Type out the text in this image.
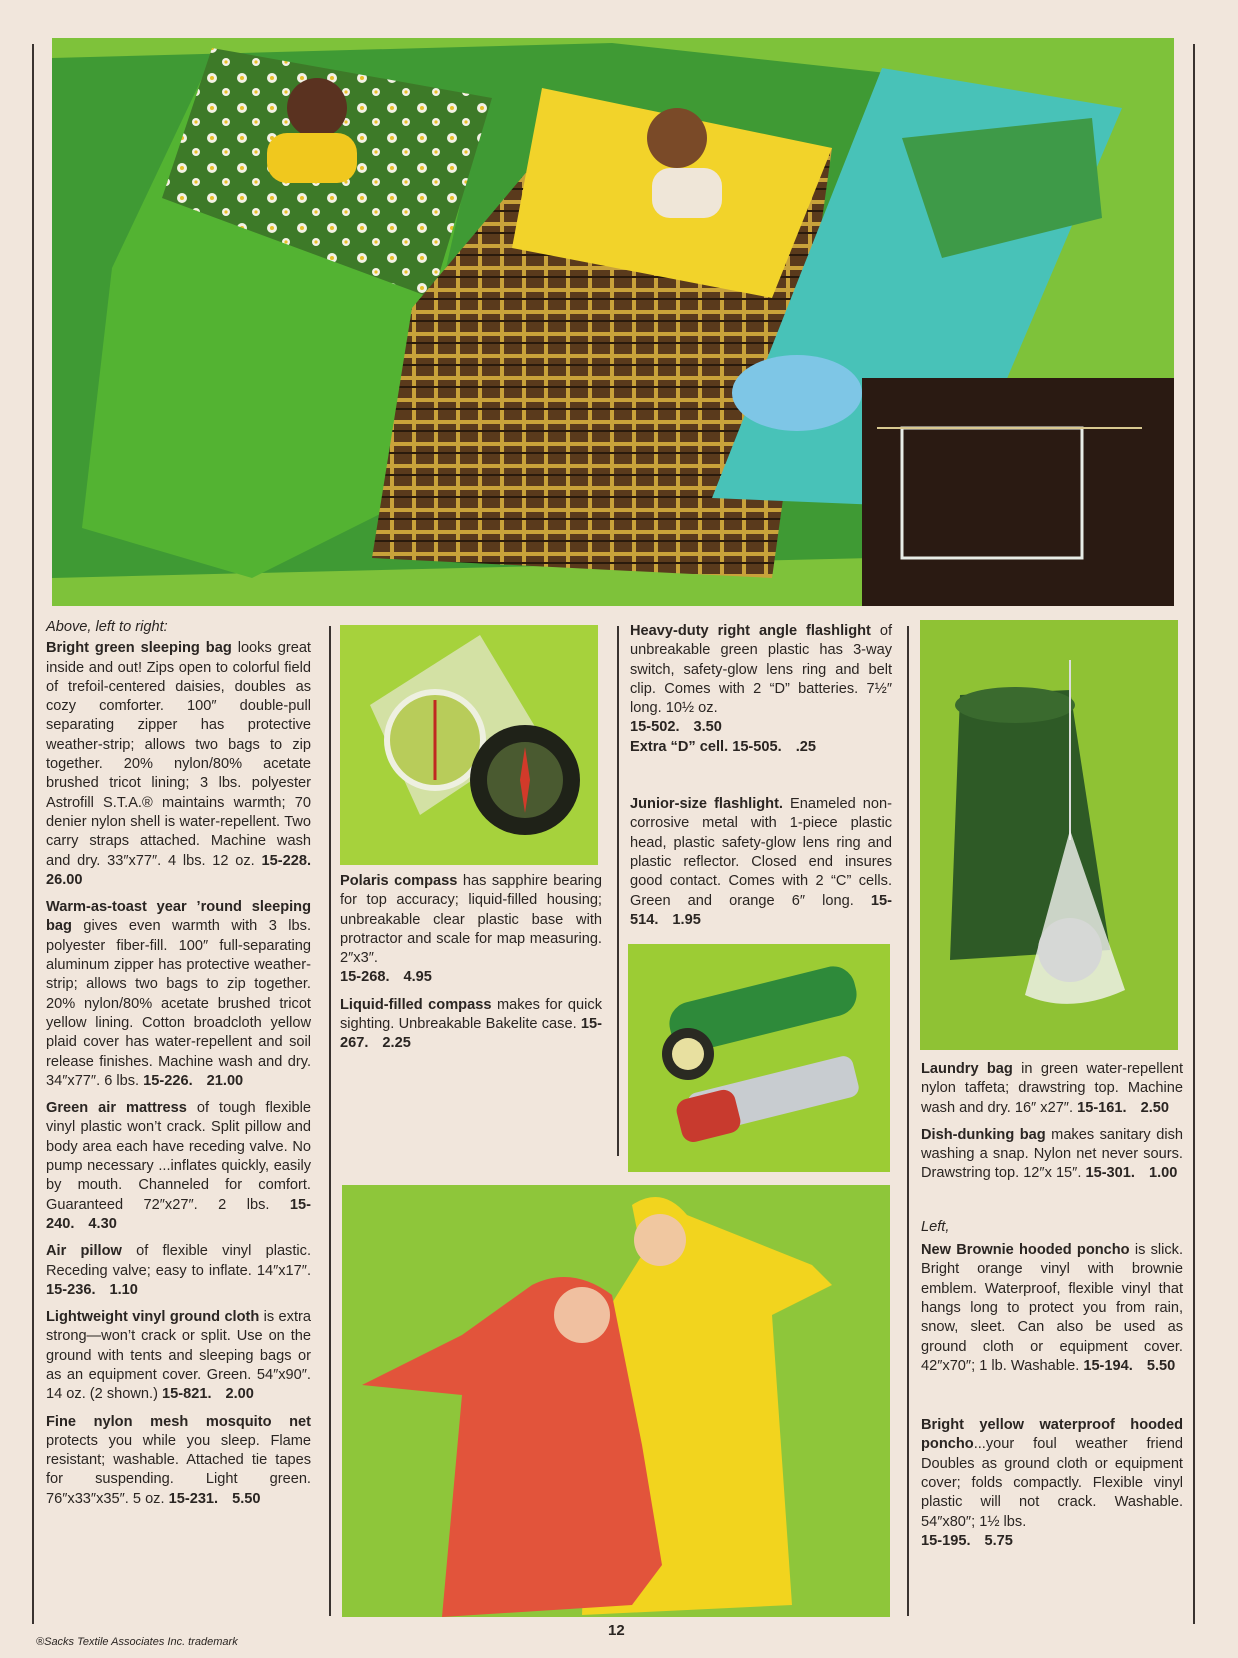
Above, left to right:

Bright green sleeping bag looks great inside and out! Zips open to colorful field of trefoil-centered daisies, doubles as cozy comforter. 100″ double-pull separating zipper has protective weather-strip; allows two bags to zip together. 20% nylon/80% acetate brushed tricot lining; 3 lbs. polyester Astrofill S.T.A.® maintains warmth; 70 denier nylon shell is water-repellent. Two carry straps attached. Machine wash and dry. 33″x77″. 4 lbs. 12 oz. 15-228. 26.00

Warm-as-toast year ’round sleeping bag gives even warmth with 3 lbs. polyester fiber-fill. 100″ full-separating aluminum zipper has protective weather-strip; allows two bags to zip together. 20% nylon/80% acetate brushed tricot yellow lining. Cotton broadcloth yellow plaid cover has water-repellent and soil release finishes. Machine wash and dry. 34″x77″. 6 lbs. 15-226. 21.00

Green air mattress of tough flexible vinyl plastic won’t crack. Split pillow and body area each have receding valve. No pump necessary ...inflates quickly, easily by mouth. Channeled for comfort. Guaranteed 72″x27″. 2 lbs. 15-240. 4.30

Air pillow of flexible vinyl plastic. Receding valve; easy to inflate. 14″x17″. 15-236. 1.10

Lightweight vinyl ground cloth is extra strong—won’t crack or split. Use on the ground with tents and sleeping bags or as an equipment cover. Green. 54″x90″. 14 oz. (2 shown.) 15-821. 2.00

Fine nylon mesh mosquito net protects you while you sleep. Flame resistant; washable. Attached tie tapes for suspending. Light green. 76″x33″x35″. 5 oz. 15-231. 5.50

Polaris compass has sapphire bearing for top accuracy; liquid-filled housing; unbreakable clear plastic base with protractor and scale for map measuring. 2″x3″.
15-268. 4.95

Liquid-filled compass makes for quick sighting. Unbreakable Bakelite case. 15-267. 2.25

Heavy-duty right angle flashlight of unbreakable green plastic has 3-way switch, safety-glow lens ring and belt clip. Comes with 2 “D” batteries. 7½″ long. 10½ oz.
15-502. 3.50

Extra “D” cell. 15-505. .25

Junior-size flashlight. Enameled non-corrosive metal with 1-piece plastic head, plastic safety-glow lens ring and plastic reflector. Closed end insures good contact. Comes with 2 “C” cells. Green and orange 6″ long. 15-514. 1.95

Laundry bag in green water-repellent nylon taffeta; drawstring top. Machine wash and dry. 16″ x27″. 15-161. 2.50

Dish-dunking bag makes sanitary dish washing a snap. Nylon net never sours. Drawstring top. 12″x 15″. 15-301. 1.00

Left,

New Brownie hooded poncho is slick. Bright orange vinyl with brownie emblem. Waterproof, flexible vinyl that hangs long to protect you from rain, snow, sleet. Can also be used as ground cloth or equipment cover. 42″x70″; 1 lb. Washable. 15-194. 5.50

Bright yellow waterproof hooded poncho...your foul weather friend Doubles as ground cloth or equipment cover; folds compactly. Flexible vinyl plastic will not crack. Washable. 54″x80″; 1½ lbs.
15-195. 5.75

12
®Sacks Textile Associates Inc. trademark
